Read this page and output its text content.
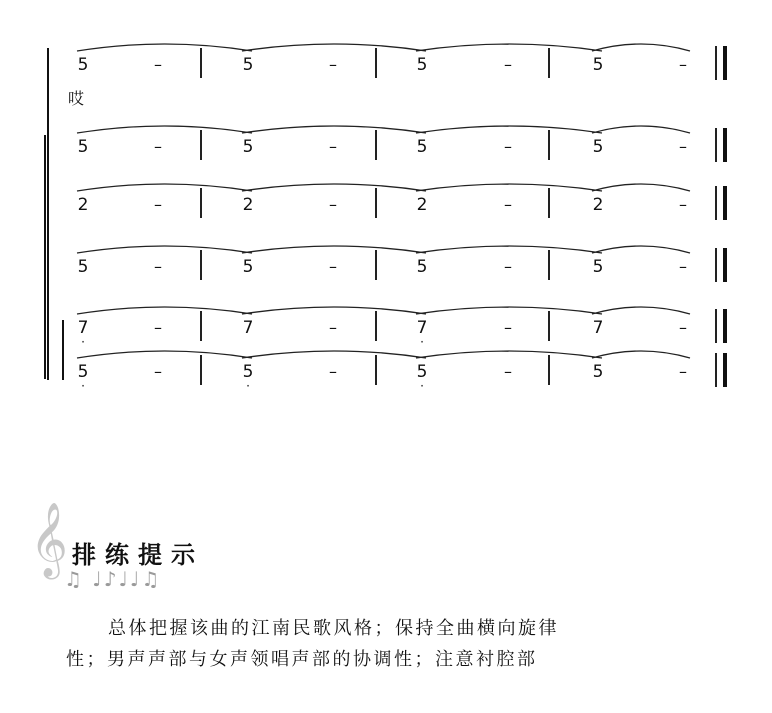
5	–	5	–	5	–	5	–
5	–	5	–	5	–	5	–
2	–	2	–	2	–	2	–
5	–	5	–	5	–	5	–
7
·
–	7	–	7
·
–	7	–
5
·
–	5
·
–	5
·
–	5	–
哎
𝄞 排练提示
♫ ♩♪♩♩♫
总体把握该曲的江南民歌风格；保持全曲横向旋律
性；男声声部与女声领唱声部的协调性；注意衬腔部
